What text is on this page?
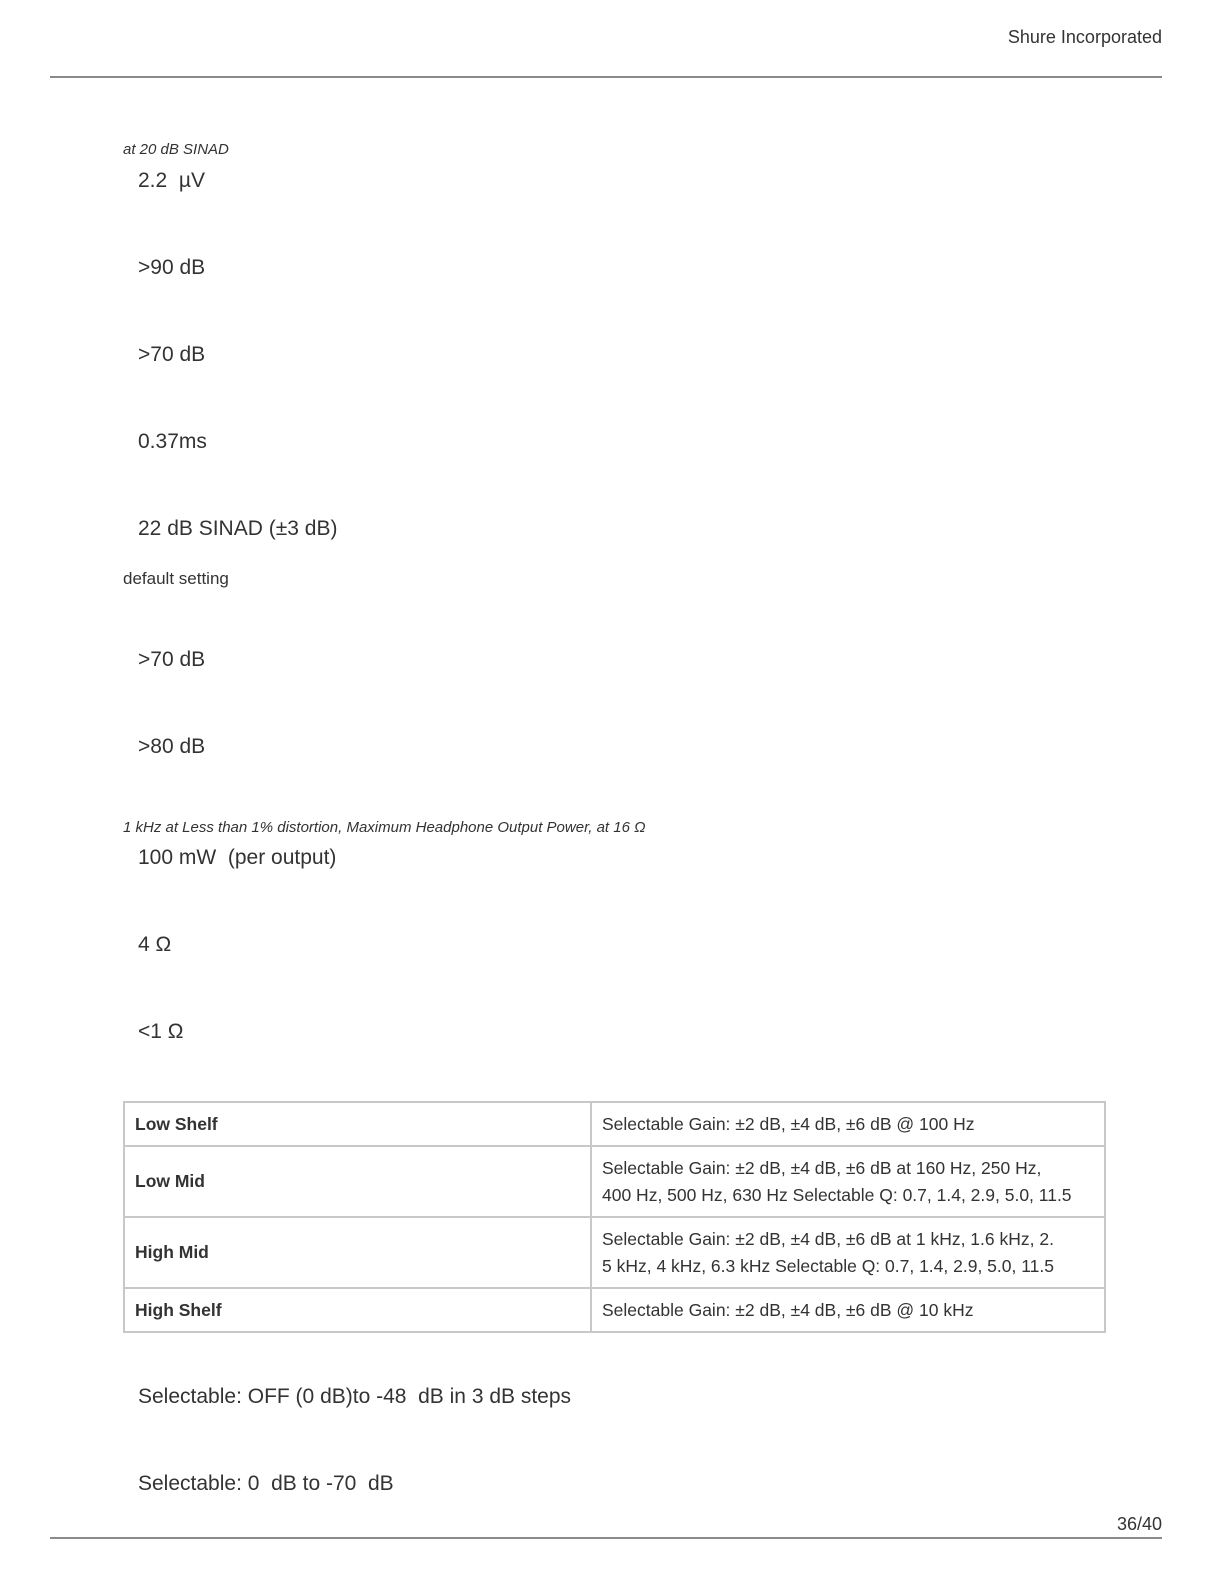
Shure Incorporated
at 20 dB SINAD
2.2  µV
>90 dB
>70 dB
0.37ms
22 dB SINAD (±3 dB)
default setting
>70 dB
>80 dB
1 kHz at Less than 1% distortion, Maximum Headphone Output Power, at 16 Ω
100 mW  (per output)
4 Ω
<1 Ω
Low Shelf	Selectable Gain: ±2 dB, ±4 dB, ±6 dB @ 100 Hz
Low Mid	Selectable Gain: ±2 dB, ±4 dB, ±6 dB at 160 Hz, 250 Hz,
400 Hz, 500 Hz, 630 Hz Selectable Q: 0.7, 1.4, 2.9, 5.0, 11.5

High Mid	Selectable Gain: ±2 dB, ±4 dB, ±6 dB at 1 kHz, 1.6 kHz, 2.
5 kHz, 4 kHz, 6.3 kHz Selectable Q: 0.7, 1.4, 2.9, 5.0, 11.5

High Shelf	Selectable Gain: ±2 dB, ±4 dB, ±6 dB @ 10 kHz
Selectable: OFF (0 dB)to -48  dB in 3 dB steps
Selectable: 0  dB to -70  dB
36/40
